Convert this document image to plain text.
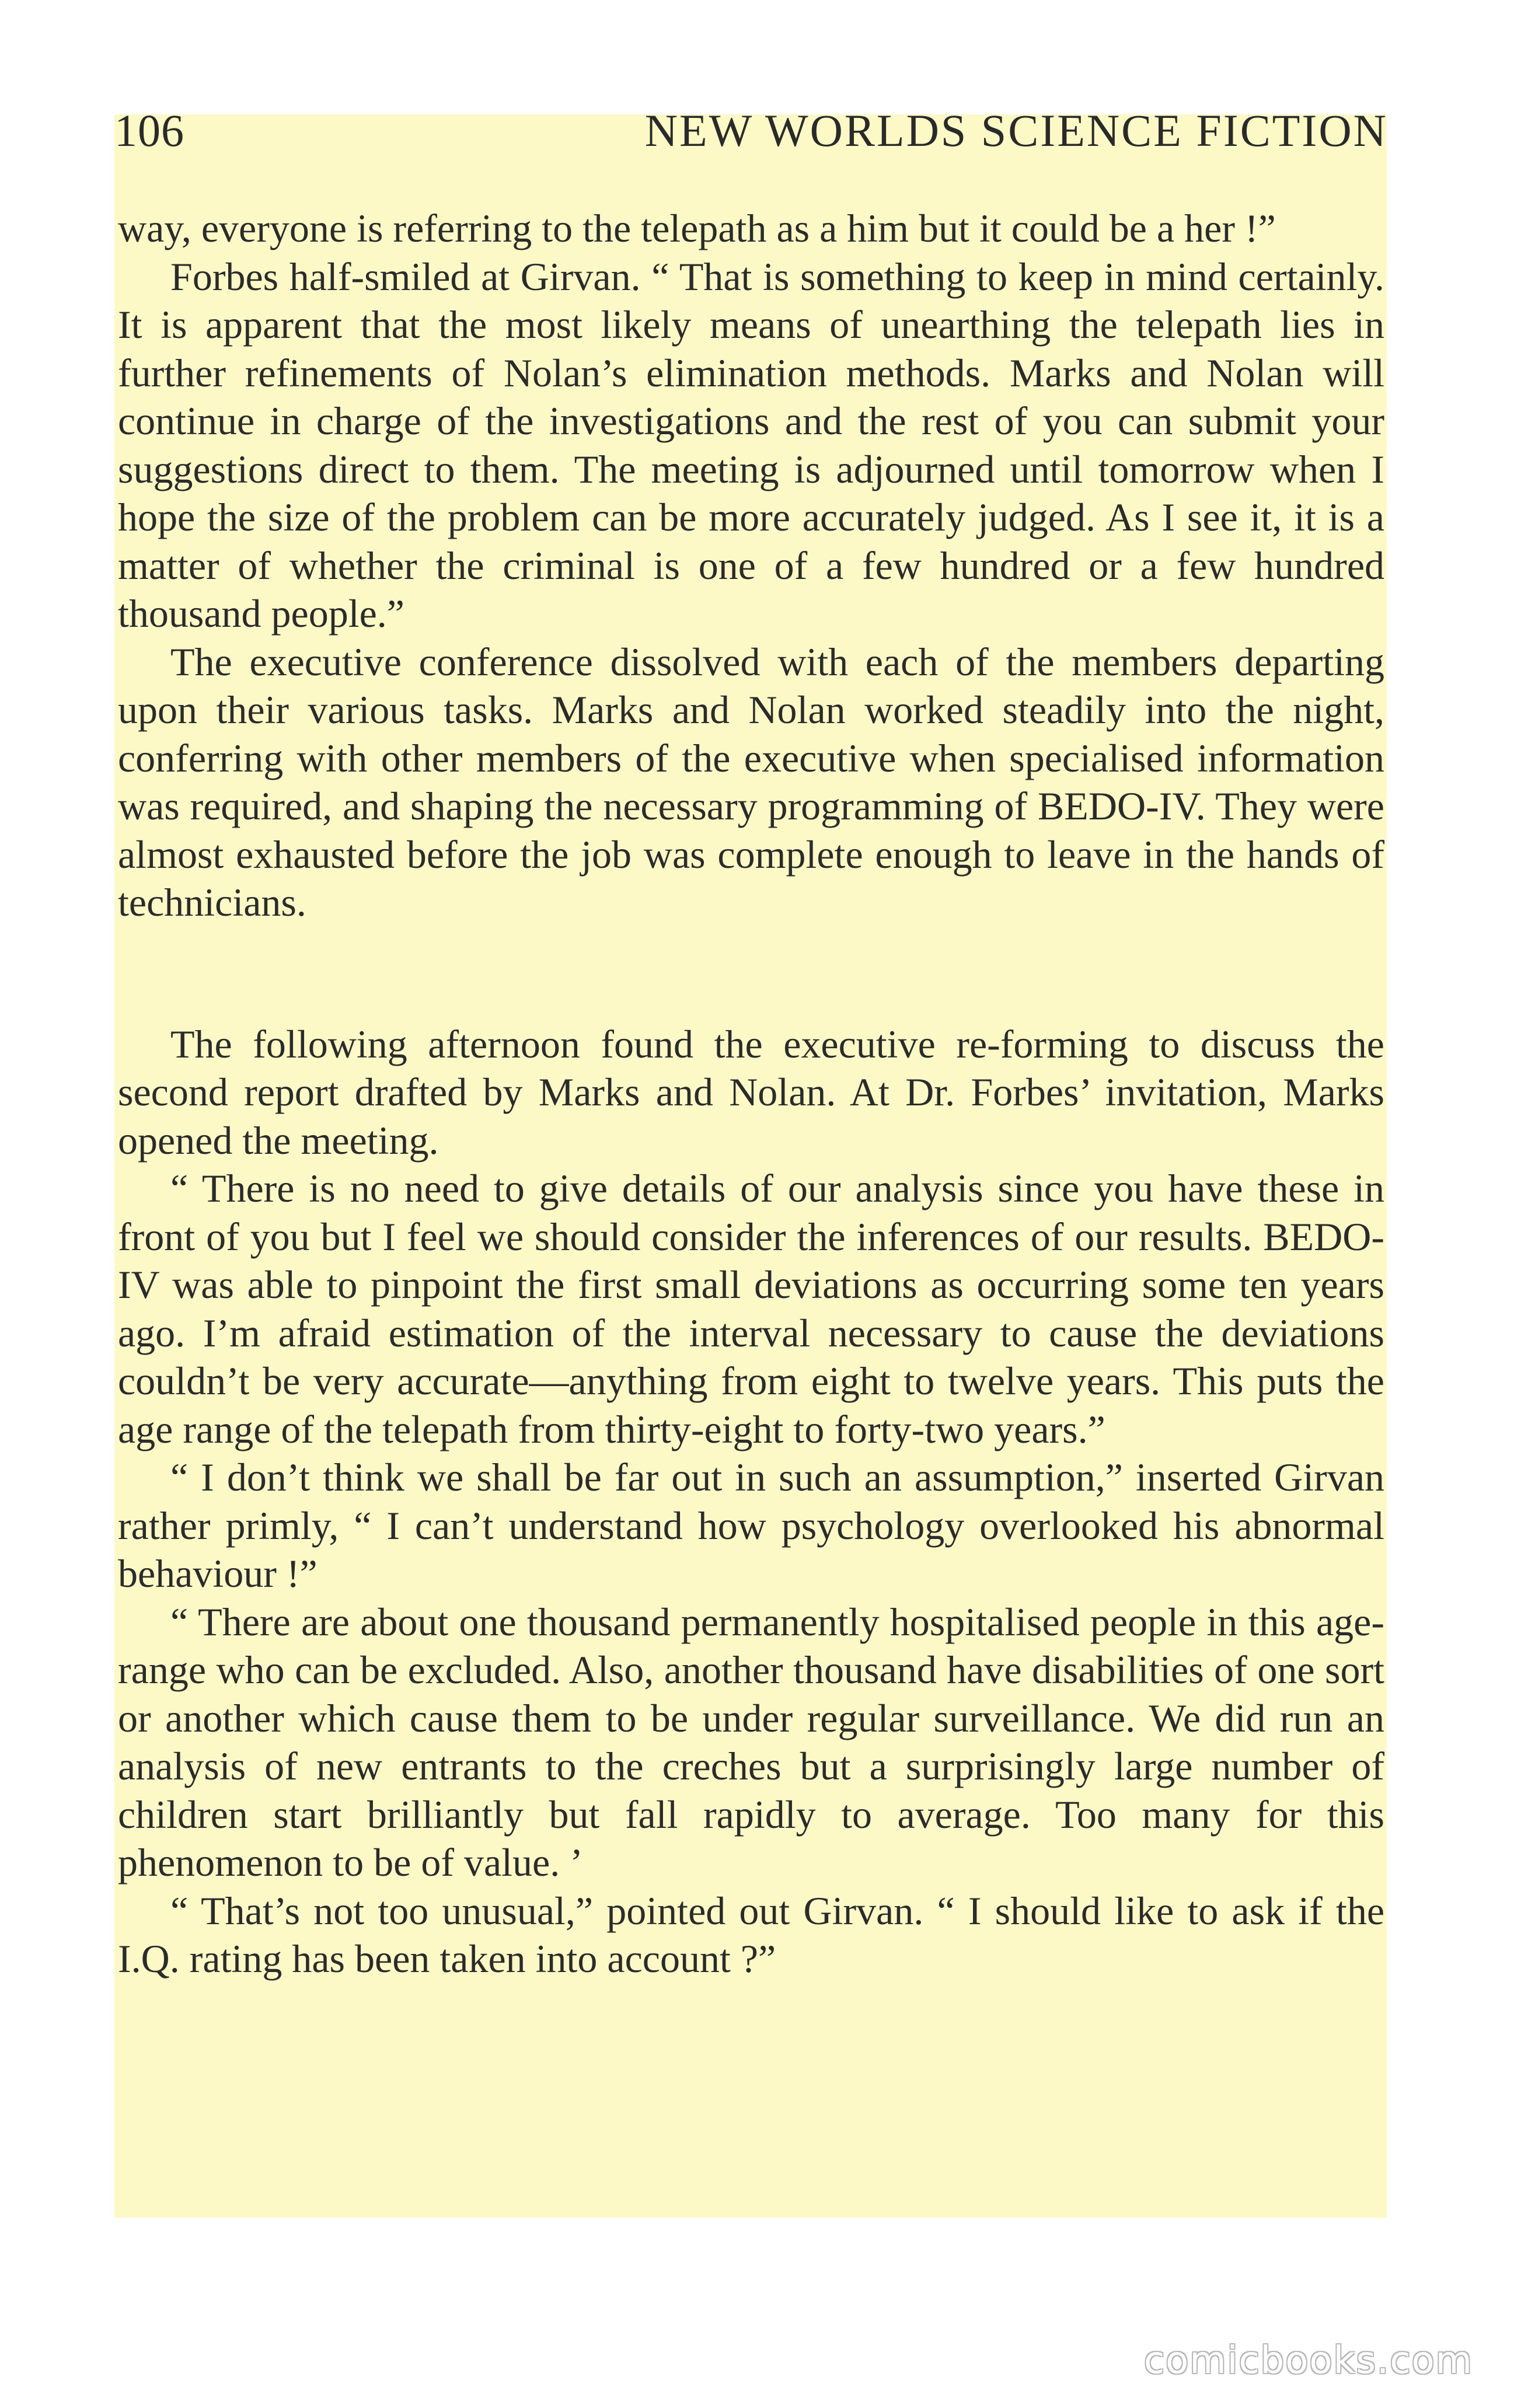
106	NEW WORLDS SCIENCE FICTION

way, everyone is referring to the telepath as a him but it could be a her !”

Forbes half-smiled at Girvan. “ That is something to keep in mind certainly. It is apparent that the most likely means of unearthing the telepath lies in further refinements of Nolan’s elimination methods. Marks and Nolan will continue in charge of the investigations and the rest of you can submit your suggestions direct to them. The meeting is adjourned until tomorrow when I hope the size of the problem can be more accurately judged. As I see it, it is a matter of whether the criminal is one of a few hundred or a few hundred thousand people.”

The executive conference dissolved with each of the members departing upon their various tasks. Marks and Nolan worked steadily into the night, conferring with other members of the executive when specialised information was required, and shaping the necessary programming of BEDO-IV. They were almost exhausted before the job was complete enough to leave in the hands of technicians.

The following afternoon found the executive re-forming to discuss the second report drafted by Marks and Nolan. At Dr. Forbes’ invitation, Marks opened the meeting.

“ There is no need to give details of our analysis since you have these in front of you but I feel we should consider the inferences of our results. BEDO-IV was able to pinpoint the first small deviations as occurring some ten years ago. I’m afraid estimation of the interval necessary to cause the deviations couldn’t be very accurate—anything from eight to twelve years. This puts the age range of the telepath from thirty-eight to forty-two years.”

“ I don’t think we shall be far out in such an assumption,” inserted Girvan rather primly, “ I can’t understand how psychology overlooked his abnormal behaviour !”

“ There are about one thousand permanently hospitalised people in this age-range who can be excluded. Also, another thousand have disabilities of one sort or another which cause them to be under regular surveillance. We did run an analysis of new entrants to the creches but a surprisingly large number of children start brilliantly but fall rapidly to average. Too many for this phenomenon to be of value. ’

“ That’s not too unusual,” pointed out Girvan. “ I should like to ask if the I.Q. rating has been taken into account ?”

comicbooks.com
